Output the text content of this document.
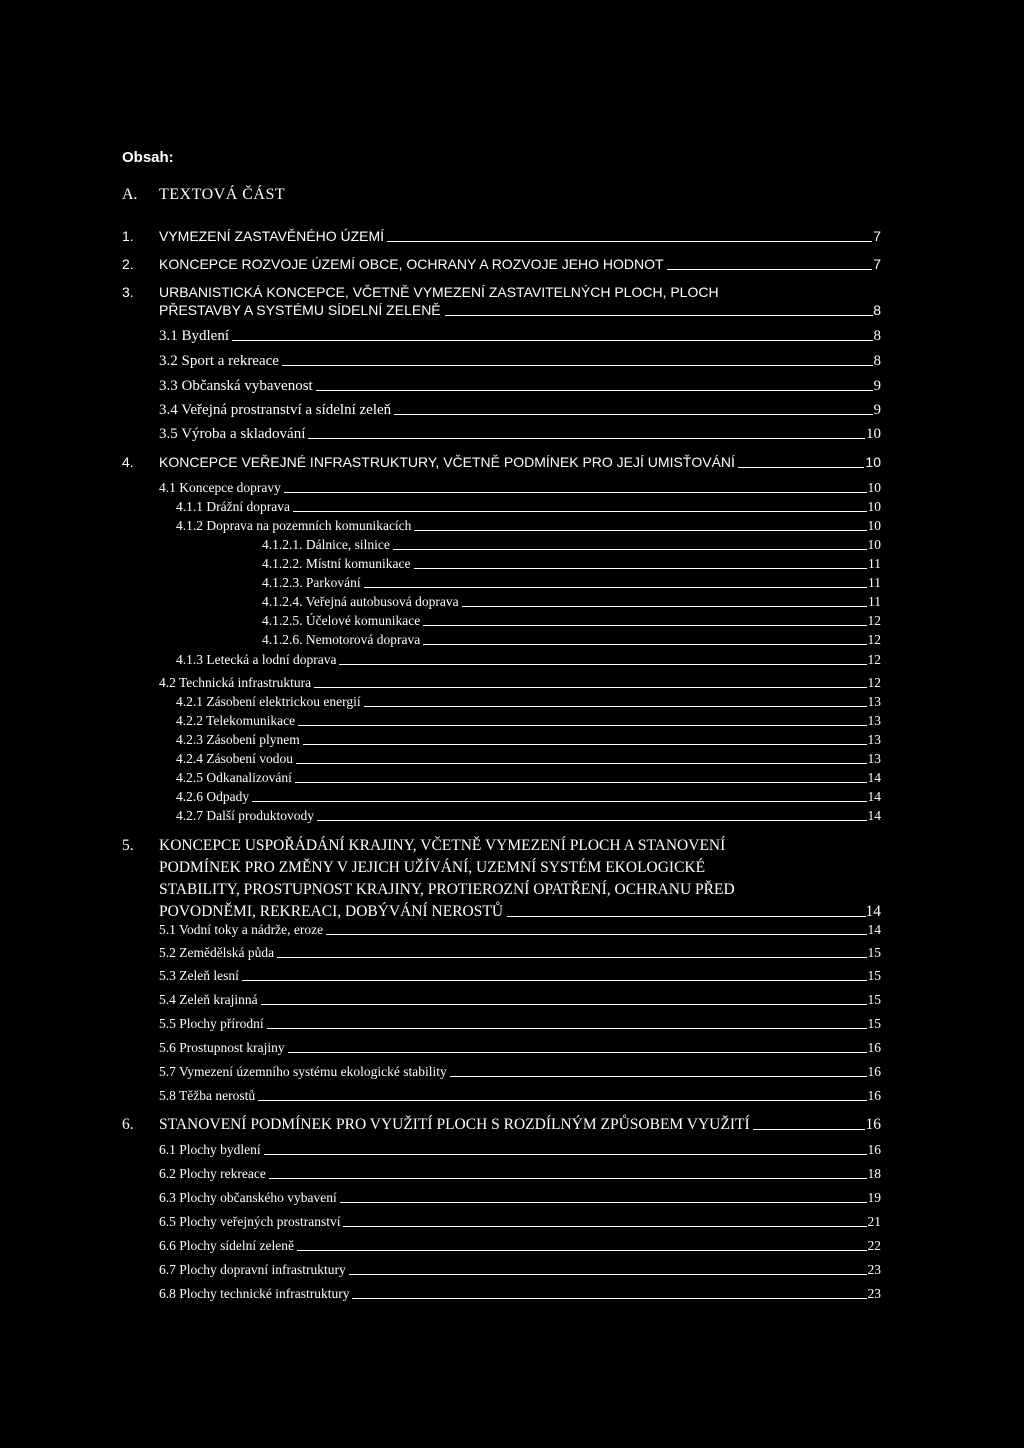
Obsah:
A. TEXTOVÁ ČÁST
1. VYMEZENÍ ZASTAVĚNÉHO ÚZEMÍ	7
2. KONCEPCE ROZVOJE ÚZEMÍ OBCE, OCHRANY A ROZVOJE JEHO HODNOT	7
3. URBANISTICKÁ KONCEPCE, VČETNĚ VYMEZENÍ ZASTAVITELNÝCH PLOCH, PLOCH
PŘESTAVBY A SYSTÉMU SÍDELNÍ ZELENĚ	8
3.1 Bydlení	8
3.2 Sport a rekreace	8
3.3 Občanská vybavenost	9
3.4 Veřejná prostranství a sídelní zeleň	9
3.5 Výroba a skladování	10
4. KONCEPCE VEŘEJNÉ INFRASTRUKTURY, VČETNĚ PODMÍNEK PRO JEJÍ UMISŤOVÁNÍ	10
4.1 Koncepce dopravy	10
4.1.1 Drážní doprava	10
4.1.2 Doprava na pozemních komunikacích	10
4.1.2.1. Dálnice, silnice	10
4.1.2.2. Místní komunikace	11
4.1.2.3. Parkování	11
4.1.2.4. Veřejná autobusová doprava	11
4.1.2.5. Účelové komunikace	12
4.1.2.6. Nemotorová doprava	12
4.1.3 Letecká a lodní doprava	12
4.2 Technická infrastruktura	12
4.2.1 Zásobení elektrickou energií	13
4.2.2 Telekomunikace	13
4.2.3 Zásobení plynem	13
4.2.4 Zásobení vodou	13
4.2.5 Odkanalizování	14
4.2.6 Odpady	14
4.2.7 Další produktovody	14
5. KONCEPCE USPOŘÁDÁNÍ KRAJINY, VČETNĚ VYMEZENÍ PLOCH A STANOVENÍ
PODMÍNEK PRO ZMĚNY V JEJICH UŽÍVÁNÍ, UZEMNÍ SYSTÉM EKOLOGICKÉ
STABILITY, PROSTUPNOST KRAJINY, PROTIEROZNÍ OPATŘENÍ, OCHRANU PŘED
POVODNĚMI, REKREACI, DOBÝVÁNÍ NEROSTŮ	14
5.1 Vodní toky a nádrže, eroze	14
5.2 Zemědělská půda	15
5.3 Zeleň lesní	15
5.4 Zeleň krajinná	15
5.5 Plochy přírodní	15
5.6 Prostupnost krajiny	16
5.7 Vymezení územního systému ekologické stability	16
5.8 Těžba nerostů	16
6. STANOVENÍ PODMÍNEK PRO VYUŽITÍ PLOCH S ROZDÍLNÝM ZPŮSOBEM VYUŽITÍ	16
6.1 Plochy bydlení	16
6.2 Plochy rekreace	18
6.3 Plochy občanského vybavení	19
6.5 Plochy veřejných prostranství	21
6.6 Plochy sídelní zeleně	22
6.7 Plochy dopravní infrastruktury	23
6.8 Plochy technické infrastruktury	23
